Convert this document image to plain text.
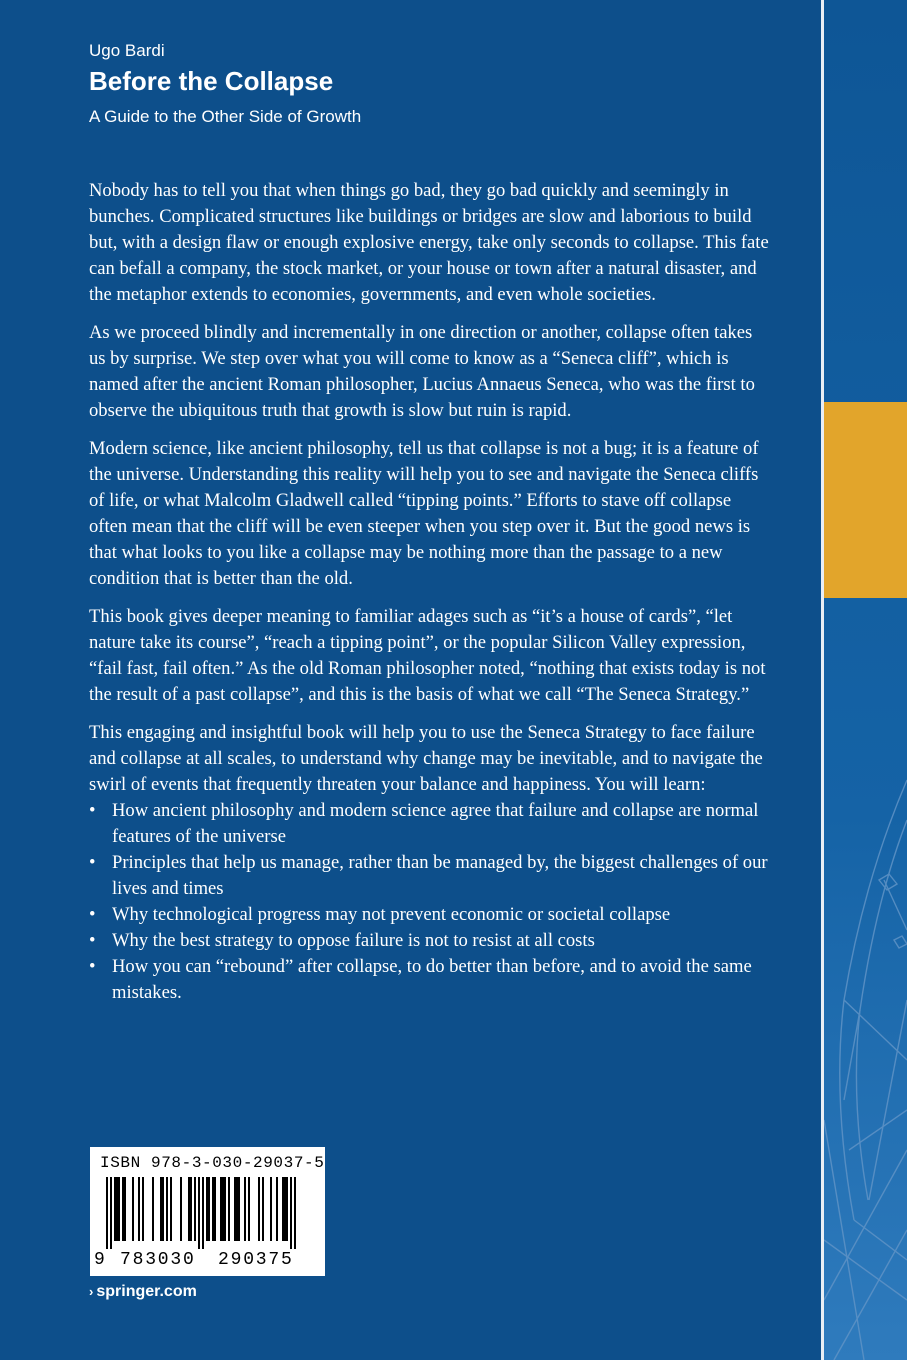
Ugo Bardi
Before the Collapse
A Guide to the Other Side of Growth

Nobody has to tell you that when things go bad, they go bad quickly and seemingly in bunches. Complicated structures like buildings or bridges are slow and laborious to build but, with a design flaw or enough explosive energy, take only seconds to collapse. This fate can befall a company, the stock market, or your house or town after a natural disaster, and the metaphor extends to economies, governments, and even whole societies.

As we proceed blindly and incrementally in one direction or another, collapse often takes us by surprise. We step over what you will come to know as a “Seneca cliff”, which is named after the ancient Roman philosopher, Lucius Annaeus Seneca, who was the first to observe the ubiquitous truth that growth is slow but ruin is rapid.

Modern science, like ancient philosophy, tell us that collapse is not a bug; it is a feature of the universe. Understanding this reality will help you to see and navigate the Seneca cliffs of life, or what Malcolm Gladwell called “tipping points.” Efforts to stave off collapse often mean that the cliff will be even steeper when you step over it. But the good news is that what looks to you like a collapse may be nothing more than the passage to a new condition that is better than the old.

This book gives deeper meaning to familiar adages such as “it’s a house of cards”, “let nature take its course”, “reach a tipping point”, or the popular Silicon Valley expression, “fail fast, fail often.” As the old Roman philosopher noted, “nothing that exists today is not the result of a past collapse”, and this is the basis of what we call “The Seneca Strategy.”

This engaging and insightful book will help you to use the Seneca Strategy to face failure and collapse at all scales, to understand why change may be inevitable, and to navigate the swirl of events that frequently threaten your balance and happiness. You will learn:

• How ancient philosophy and modern science agree that failure and collapse are normal features of the universe
• Principles that help us manage, rather than be managed by, the biggest challenges of our lives and times
• Why technological progress may not prevent economic or societal collapse
• Why the best strategy to oppose failure is not to resist at all costs
• How you can “rebound” after collapse, to do better than before, and to avoid the same mistakes.
ISBN 978-3-030-29037-5
9 783030 290375
› springer.com
